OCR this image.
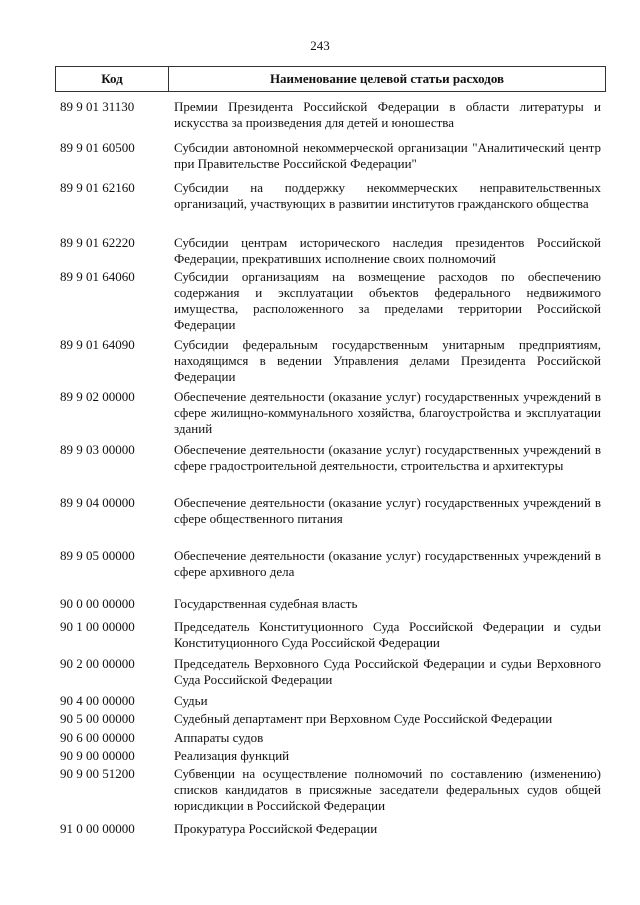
243
Код	Наименование целевой статьи расходов
89 9 01 31130	Премии Президента Российской Федерации в области литературы и искусства за произведения для детей и юношества
89 9 01 60500	Субсидии автономной некоммерческой организации "Аналитический центр при Правительстве Российской Федерации"
89 9 01 62160	Субсидии на поддержку некоммерческих неправительственных организаций, участвующих в развитии институтов гражданского общества
89 9 01 62220	Субсидии центрам исторического наследия президентов Российской Федерации, прекративших исполнение своих полномочий
89 9 01 64060	Субсидии организациям на возмещение расходов по обеспечению содержания и эксплуатации объектов федерального недвижимого имущества, расположенного за пределами территории Российской Федерации
89 9 01 64090	Субсидии федеральным государственным унитарным предприятиям, находящимся в ведении Управления делами Президента Российской Федерации
89 9 02 00000	Обеспечение деятельности (оказание услуг) государственных учреждений в сфере жилищно-коммунального хозяйства, благоустройства и эксплуатации зданий
89 9 03 00000	Обеспечение деятельности (оказание услуг) государственных учреждений в сфере градостроительной деятельности, строительства и архитектуры
89 9 04 00000	Обеспечение деятельности (оказание услуг) государственных учреждений в сфере общественного питания
89 9 05 00000	Обеспечение деятельности (оказание услуг) государственных учреждений в сфере архивного дела
90 0 00 00000	Государственная судебная власть
90 1 00 00000	Председатель Конституционного Суда Российской Федерации и судьи Конституционного Суда Российской Федерации
90 2 00 00000	Председатель Верховного Суда Российской Федерации и судьи Верховного Суда Российской Федерации
90 4 00 00000	Судьи
90 5 00 00000	Судебный департамент при Верховном Суде Российской Федерации
90 6 00 00000	Аппараты судов
90 9 00 00000	Реализация функций
90 9 00 51200	Субвенции на осуществление полномочий по составлению (изменению) списков кандидатов в присяжные заседатели федеральных судов общей юрисдикции в Российской Федерации
91 0 00 00000	Прокуратура Российской Федерации
